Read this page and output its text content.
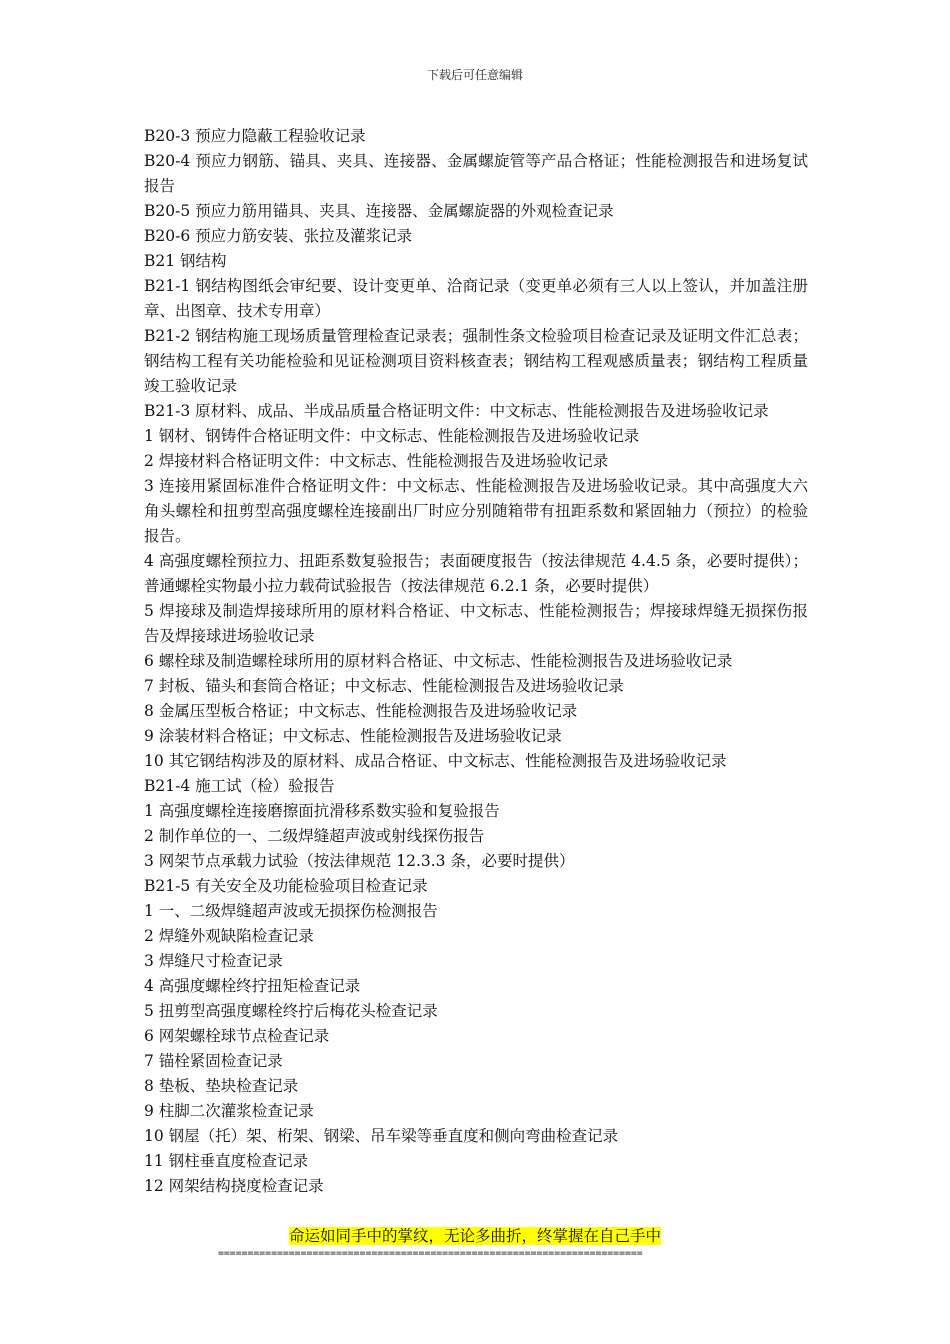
下载后可任意编辑

B20-3 预应力隐蔽工程验收记录

B20-4 预应力钢筋、锚具、夹具、连接器、金属螺旋管等产品合格证；性能检测报告和进场复试报告

B20-5 预应力筋用锚具、夹具、连接器、金属螺旋器的外观检查记录

B20-6 预应力筋安装、张拉及灌浆记录

B21 钢结构

B21-1 钢结构图纸会审纪要、设计变更单、洽商记录（变更单必须有三人以上签认，并加盖注册章、出图章、技术专用章）

B21-2 钢结构施工现场质量管理检查记录表；强制性条文检验项目检查记录及证明文件汇总表；钢结构工程有关功能检验和见证检测项目资料核查表；钢结构工程观感质量表；钢结构工程质量竣工验收记录

B21-3 原材料、成品、半成品质量合格证明文件：中文标志、性能检测报告及进场验收记录

1 钢材、钢铸件合格证明文件：中文标志、性能检测报告及进场验收记录

2 焊接材料合格证明文件：中文标志、性能检测报告及进场验收记录

3 连接用紧固标准件合格证明文件：中文标志、性能检测报告及进场验收记录。其中高强度大六角头螺栓和扭剪型高强度螺栓连接副出厂时应分别随箱带有扭距系数和紧固轴力（预拉）的检验报告。

4 高强度螺栓预拉力、扭距系数复验报告；表面硬度报告（按法律规范 4.4.5 条，必要时提供）；普通螺栓实物最小拉力载荷试验报告（按法律规范 6.2.1 条，必要时提供）

5 焊接球及制造焊接球所用的原材料合格证、中文标志、性能检测报告；焊接球焊缝无损探伤报告及焊接球进场验收记录

6 螺栓球及制造螺栓球所用的原材料合格证、中文标志、性能检测报告及进场验收记录

7 封板、锚头和套筒合格证；中文标志、性能检测报告及进场验收记录

8 金属压型板合格证；中文标志、性能检测报告及进场验收记录

9 涂装材料合格证；中文标志、性能检测报告及进场验收记录

10 其它钢结构涉及的原材料、成品合格证、中文标志、性能检测报告及进场验收记录

B21-4 施工试（检）验报告

1 高强度螺栓连接磨擦面抗滑移系数实验和复验报告

2 制作单位的一、二级焊缝超声波或射线探伤报告

3 网架节点承载力试验（按法律规范 12.3.3 条，必要时提供）

B21-5 有关安全及功能检验项目检查记录

1 一、二级焊缝超声波或无损探伤检测报告

2 焊缝外观缺陷检查记录

3 焊缝尺寸检查记录

4 高强度螺栓终拧扭矩检查记录

5 扭剪型高强度螺栓终拧后梅花头检查记录

6 网架螺栓球节点检查记录

7 锚栓紧固检查记录

8 垫板、垫块检查记录

9 柱脚二次灌浆检查记录

10 钢屋（托）架、桁架、钢梁、吊车梁等垂直度和侧向弯曲检查记录

11 钢柱垂直度检查记录

12 网架结构挠度检查记录

命运如同手中的掌纹，无论多曲折，终掌握在自己手中
========================================================================
